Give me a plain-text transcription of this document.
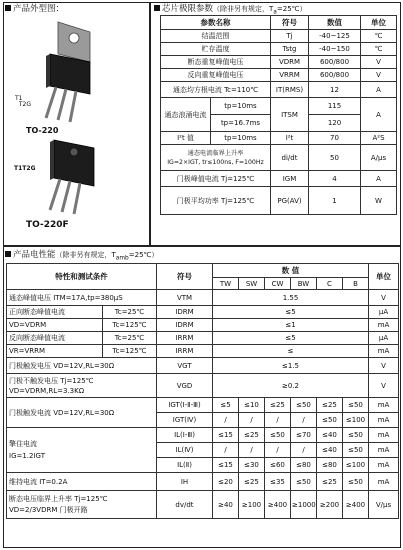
产品外型图：	芯片极限参数（除非另有规定，$T_a=25℃$）
产品电性能（除非另有规定，$T_{amb}=25℃$）
T1
T2G
TO-220
T1T2G
TO-220F
参数名称		符号	数值	单位
结温范围		Tj	-40~125	℃
贮存温度		Tstg	-40~150	℃
断态重复峰值电压		VDRM	600/800	V
反向重复峰值电压		VRRM	600/800	V
通态均方根电流 Tc=110℃		IT(RMS)	12	A
通态浪涌电流	tp=10ms	ITSM	115	A
	tp=16.7ms		120	
I²t 值	tp=10ms	I²t	70	A²S
通态电流临界上升率
IG=2×IGT, tr≤100ns, F=100Hz		di/dt	50	A/μs
门极峰值电流 Tj=125℃		IGM	4	A
门极平均功率 Tj=125℃		PG(AV)	1	W
特性和测试条件		符号	数 值						单位
			TW	SW	CW	BW	C	B	
通态峰值电压 ITM=17A,tp=380μS		VTM	1.55						V
正向断态峰值电流	Tc=25℃	IDRM	≤5						μA
VD=VDRM	Tc=125℃	IDRM	≤1						mA
反向断态峰值电流	Tc=25℃	IRRM	≤5						μA
VR=VRRM	Tc=125℃	IRRM	≤						mA
门极触发电压 VD=12V,RL=30Ω		VGT	≤1.5						V
门极不触发电压 Tj=125℃
VD=VDRM,RL=3.3KΩ		VGD	≥0.2						V
门极触发电流 VD=12V,RL=30Ω		IGT(Ⅰ-Ⅱ-Ⅲ)	≤5	≤10	≤25	≤50	≤25	≤50	mA
		IGT(Ⅳ)	/	/	/	/	≤50	≤100	mA
擎住电流
IG=1.2IGT		IL(Ⅰ-Ⅲ)	≤15	≤25	≤50	≤70	≤40	≤50	mA
		IL(Ⅳ)	/	/	/	/	≤40	≤50	mA
		IL(Ⅱ)	≤15	≤30	≤60	≤80	≤80	≤100	mA
维持电流 IT=0.2A		IH	≤20	≤25	≤35	≤50	≤25	≤50	mA
断态电压临界上升率 Tj=125℃
VD=2/3VDRM 门极开路		dv/dt	≥40	≥100	≥400	≥1000	≥200	≥400	V/μs
